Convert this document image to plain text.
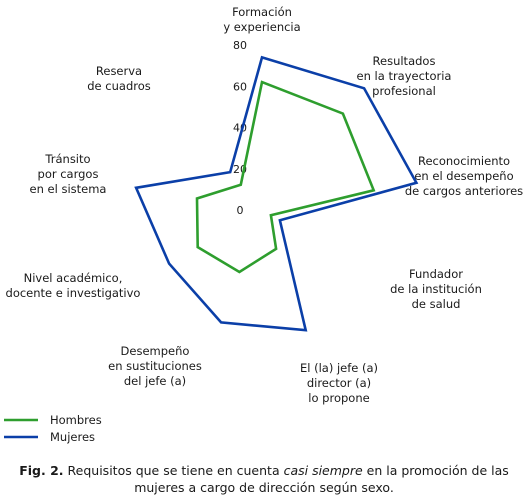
0
20
40
60
80
Formación
y experiencia
Resultados
en la trayectoria
profesional
Reconocimiento
en el desempeño
de cargos anteriores
Fundador
de la institución
de salud
El (la) jefe (a)
director (a)
lo propone
Desempeño
en sustituciones
del jefe (a)
Nivel académico,
docente e investigativo
Tránsito
por cargos
en el sistema
Reserva
de cuadros
Hombres
Mujeres
Fig. 2. Requisitos que se tiene en cuenta casi siempre en la promoción de las mujeres a cargo de dirección según sexo.
